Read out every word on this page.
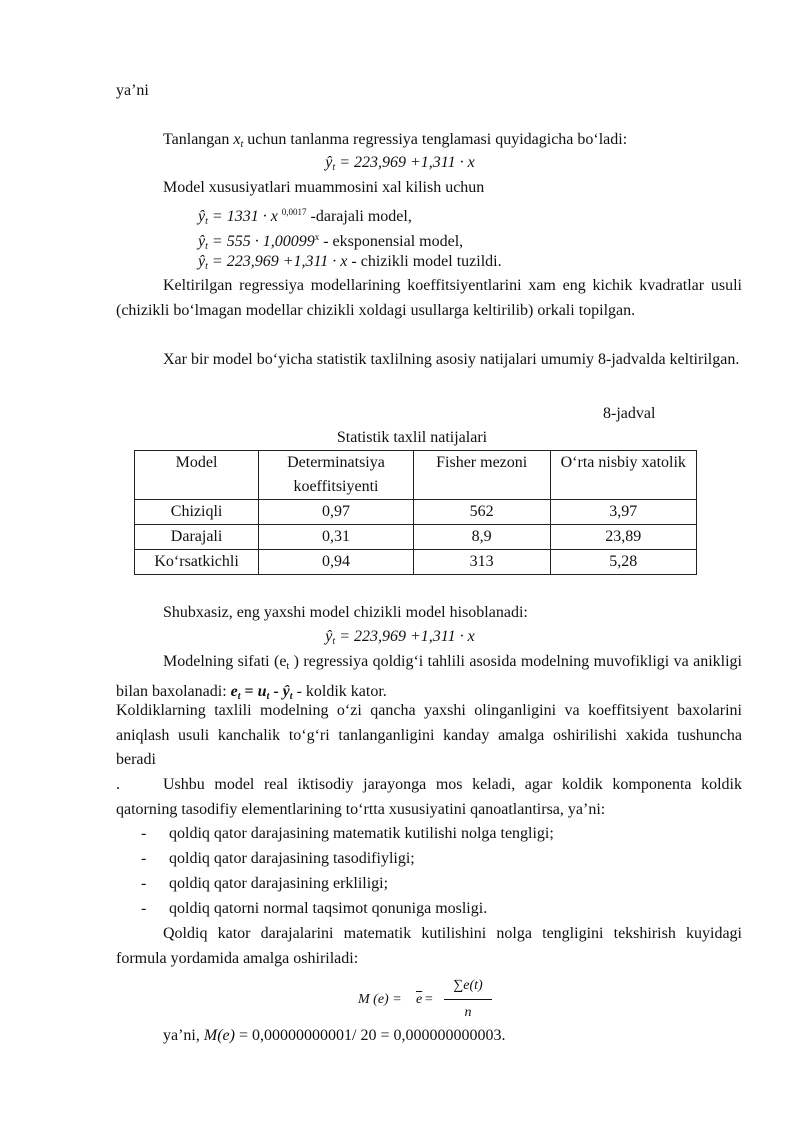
ya’ni
Tanlangan $x_t$ uchun tanlanma regressiya tenglamasi quyidagicha bo‘ladi:
$ŷ_t = 223,969 +1,311 \cdot x$
Model xususiyatlari muammosini xal kilish uchun
$ŷ_t = 1331 \cdot x$ $^{0,0017}$ -darajali model,
$ŷ_t = 555 \cdot 1,00099^x$ - eksponensial model,
$ŷ_t = 223,969 +1,311 \cdot x$ - chizikli model tuzildi.
Keltirilgan regressiya modellarining koeffitsiyentlarini xam eng kichik kvadratlar usuli (chizikli bo‘lmagan modellar chizikli xoldagi usullarga keltirilib) orkali topilgan.
Xar bir model bo‘yicha statistik taxlilning asosiy natijalari umumiy 8-jadvalda keltirilgan.
8-jadval
Statistik taxlil natijalari
Model	Determinatsiya koeffitsiyenti	Fisher mezoni	O‘rta nisbiy xatolik
Chiziqli	0,97	562	3,97
Darajali	0,31	8,9	23,89
Ko‘rsatkichli	0,94	313	5,28
Shubxasiz, eng yaxshi model chizikli model hisoblanadi:
$ŷ_t = 223,969 +1,311 \cdot x$
Modelning sifati ($e_t$ ) regressiya qoldig‘i tahlili asosida modelning muvofikligi va anikligi bilan baxolanadi: $e_t = u_t$ - $ŷ_t$ - koldik kator.
Koldiklarning taxlili modelning o‘zi qancha yaxshi olinganligini va koeffitsiyent baxolarini aniqlash usuli kanchalik to‘g‘ri tanlanganligini kanday amalga oshirilishi xakida tushuncha beradi
.	Ushbu model real iktisodiy jarayonga mos keladi, agar koldik komponenta koldik qatorning tasodifiy elementlarining to‘rtta xususiyatini qanoatlantirsa, ya’ni:
- qoldiq qator darajasining matematik kutilishi nolga tengligi;
- qoldiq qator darajasining tasodifiyligi;
- qoldiq qator darajasining erkliligi;
- qoldiq qatorni normal taqsimot qonuniga mosligi.
Qoldiq kator darajalarini matematik kutilishini nolga tengligini tekshirish kuyidagi formula yordamida amalga oshiriladi:
M $(e) = \overline{e}$ =
∑e(t)
n
ya’ni, M(e) = 0,00000000001/ 20 = 0,000000000003.
